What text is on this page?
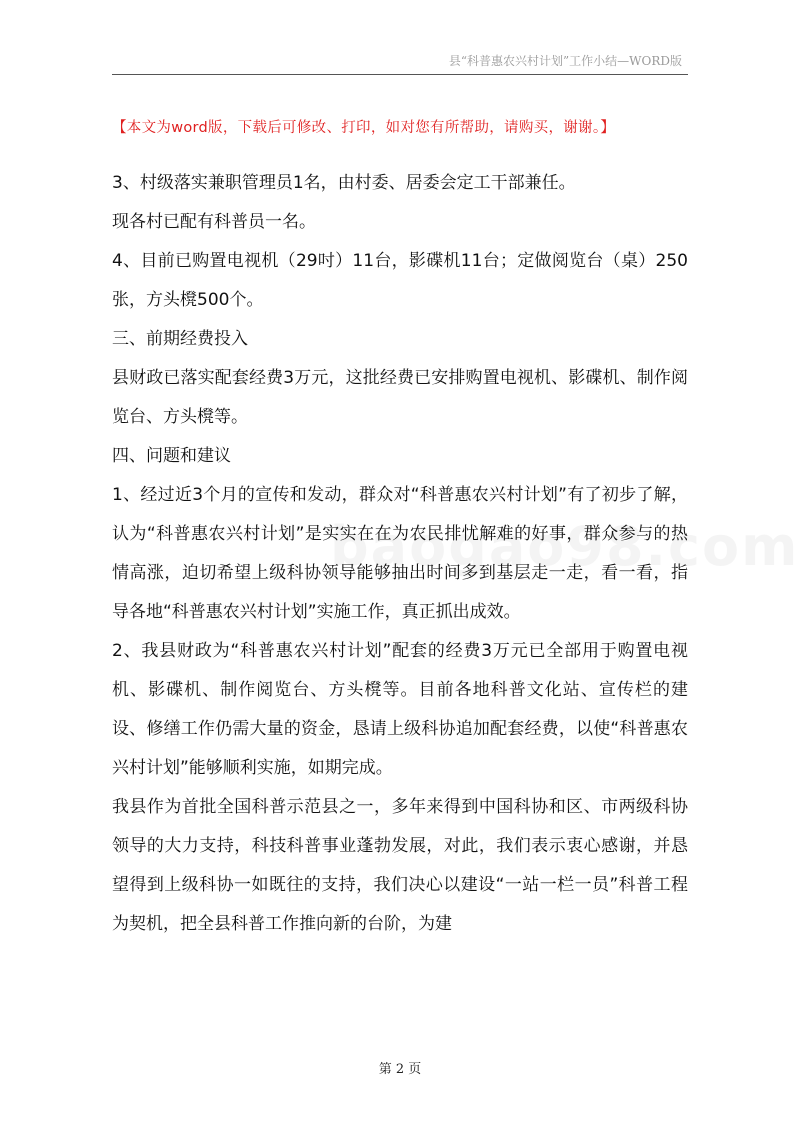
县“科普惠农兴村计划”工作小结—WORD版
【本文为word版，下载后可修改、打印，如对您有所帮助，请购买，谢谢。】

3、村级落实兼职管理员1名，由村委、居委会定工干部兼任。

现各村已配有科普员一名。

4、目前已购置电视机（29吋）11台，影碟机11台；定做阅览台（桌）250张，方头櫈500个。

三、前期经费投入

县财政已落实配套经费3万元，这批经费已安排购置电视机、影碟机、制作阅览台、方头櫈等。

四、问题和建议

1、经过近3个月的宣传和发动，群众对“科普惠农兴村计划”有了初步了解，认为“科普惠农兴村计划”是实实在在为农民排忧解难的好事，群众参与的热情高涨，迫切希望上级科协领导能够抽出时间多到基层走一走，看一看，指导各地“科普惠农兴村计划”实施工作，真正抓出成效。

2、我县财政为“科普惠农兴村计划”配套的经费3万元已全部用于购置电视机、影碟机、制作阅览台、方头櫈等。目前各地科普文化站、宣传栏的建设、修缮工作仍需大量的资金，恳请上级科协追加配套经费，以使“科普惠农兴村计划”能够顺利实施，如期完成。

我县作为首批全国科普示范县之一，多年来得到中国科协和区、市两级科协领导的大力支持，科技科普事业蓬勃发展，对此，我们表示衷心感谢，并恳望得到上级科协一如既往的支持，我们决心以建设“一站一栏一员”科普工程为契机，把全县科普工作推向新的台阶，为建

第 2 页
